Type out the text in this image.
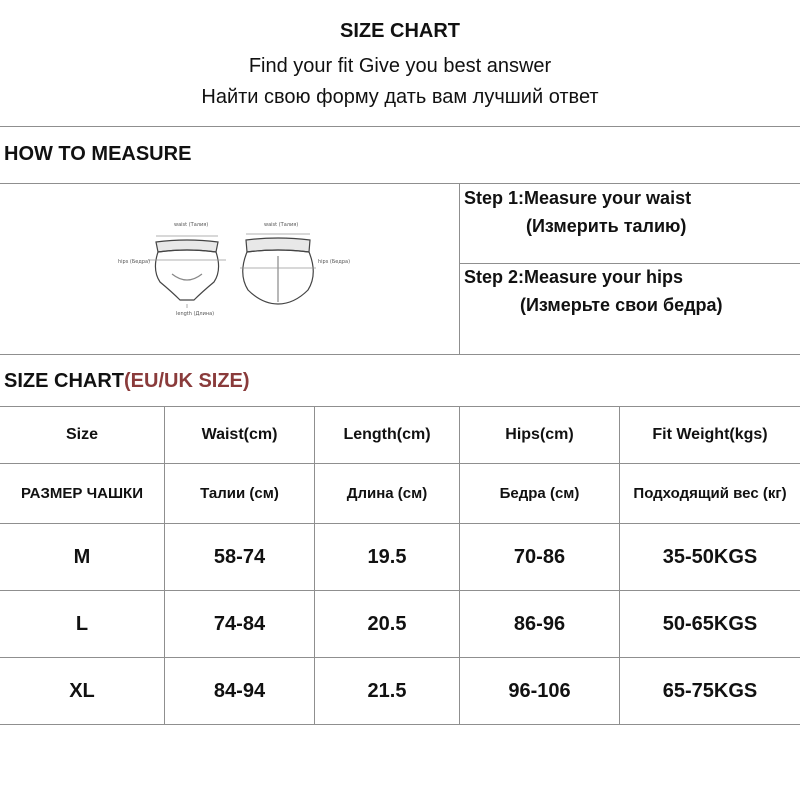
SIZE CHART
Find your fit Give you best answer
Найти свою форму дать вам лучший ответ
HOW TO MEASURE
waist (Талия)
hips (Бедра)
length (Длина)
waist (Талия)
hips (Бедра)
Step 1:Measure your waist
(Измерить талию)
Step 2:Measure your hips
(Измерьте свои бедра)
SIZE CHART(EU/UK SIZE)
Size	Waist(cm)	Length(cm)	Hips(cm)	Fit Weight(kgs)
РАЗМЕР ЧАШКИ	Талии (см)	Длина (см)	Бедра (см)	Подходящий вес (кг)
M	58-74	19.5	70-86	35-50KGS
L	74-84	20.5	86-96	50-65KGS
XL	84-94	21.5	96-106	65-75KGS
